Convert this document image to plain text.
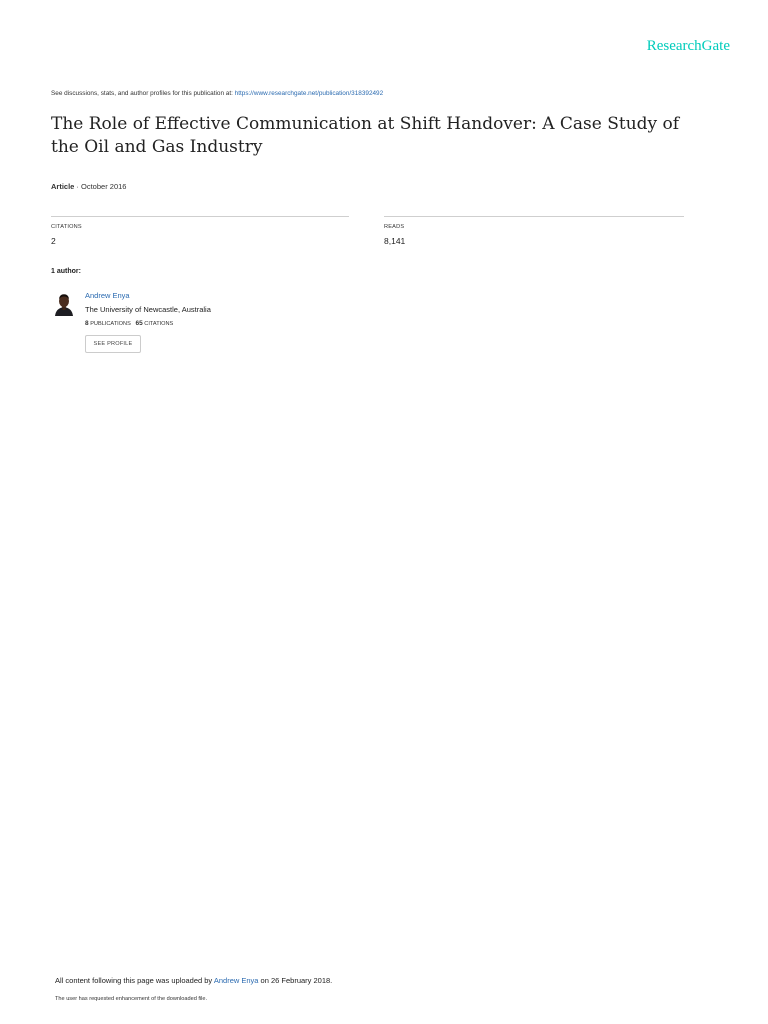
ResearchGate
See discussions, stats, and author profiles for this publication at: https://www.researchgate.net/publication/318392492
The Role of Effective Communication at Shift Handover: A Case Study of the Oil and Gas Industry
Article · October 2016
CITATIONS
2
READS
8,141
1 author:
Andrew Enya
The University of Newcastle, Australia
8 PUBLICATIONS 65 CITATIONS
SEE PROFILE
All content following this page was uploaded by Andrew Enya on 26 February 2018.
The user has requested enhancement of the downloaded file.
